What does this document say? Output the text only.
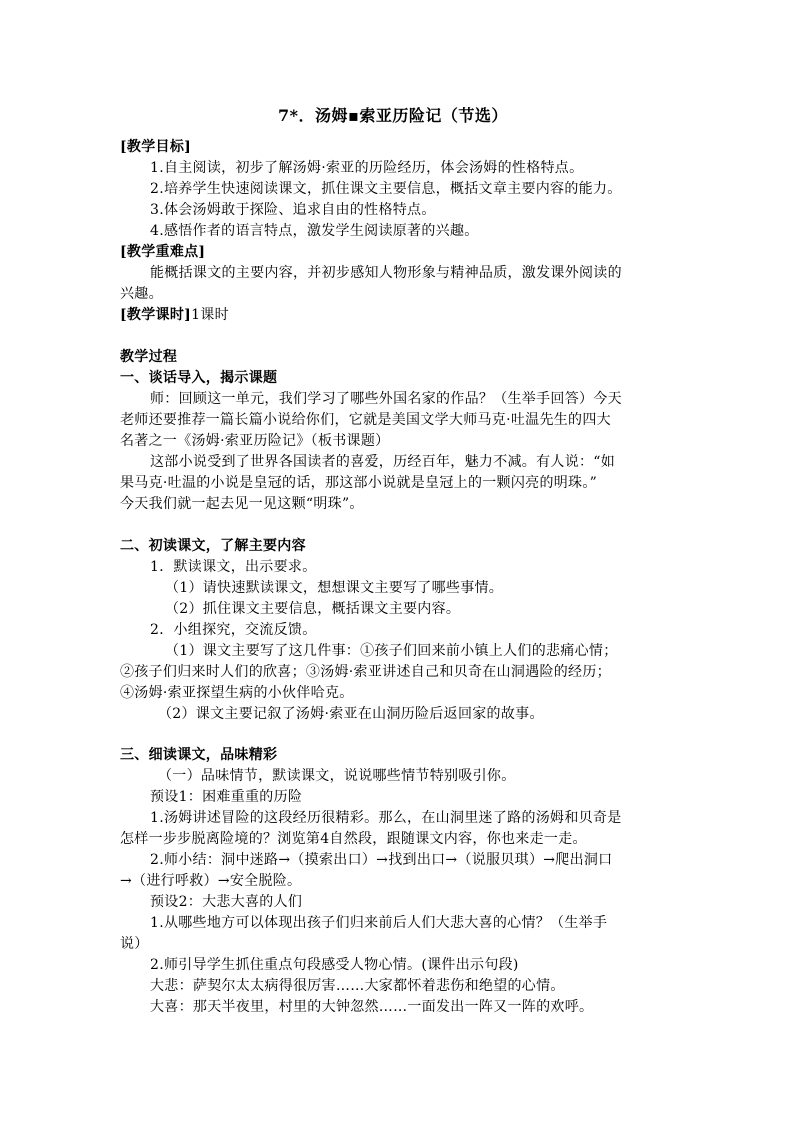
7*．汤姆▪索亚历险记（节选）
[教学目标]
1.自主阅读，初步了解汤姆·索亚的历险经历，体会汤姆的性格特点。
2.培养学生快速阅读课文，抓住课文主要信息，概括文章主要内容的能力。
3.体会汤姆敢于探险、追求自由的性格特点。
4.感悟作者的语言特点，激发学生阅读原著的兴趣。
[教学重难点]
能概括课文的主要内容，并初步感知人物形象与精神品质，激发课外阅读的
兴趣。
[教学课时]1课时
教学过程
一、谈话导入，揭示课题
师：回顾这一单元，我们学习了哪些外国名家的作品？（生举手回答）今天
老师还要推荐一篇长篇小说给你们，它就是美国文学大师马克·吐温先生的四大
名著之一《汤姆·索亚历险记》（板书课题）
这部小说受到了世界各国读者的喜爱，历经百年，魅力不减。有人说：“如
果马克·吐温的小说是皇冠的话，那这部小说就是皇冠上的一颗闪亮的明珠。”
今天我们就一起去见一见这颗“明珠”。
二、初读课文，了解主要内容
1．默读课文，出示要求。
（1）请快速默读课文，想想课文主要写了哪些事情。
（2）抓住课文主要信息，概括课文主要内容。
2．小组探究，交流反馈。
（1）课文主要写了这几件事：①孩子们回来前小镇上人们的悲痛心情；
②孩子们归来时人们的欣喜；③汤姆·索亚讲述自己和贝奇在山洞遇险的经历；
④汤姆·索亚探望生病的小伙伴哈克。
（2）课文主要记叙了汤姆·索亚在山洞历险后返回家的故事。
三、细读课文，品味精彩
（一）品味情节，默读课文，说说哪些情节特别吸引你。
预设1：困难重重的历险
1.汤姆讲述冒险的这段经历很精彩。那么，在山洞里迷了路的汤姆和贝奇是
怎样一步步脱离险境的？浏览第4自然段，跟随课文内容，你也来走一走。
2.师小结：洞中迷路→（摸索出口）→找到出口→（说服贝琪）→爬出洞口
→（进行呼救）→安全脱险。
预设2：大悲大喜的人们
1.从哪些地方可以体现出孩子们归来前后人们大悲大喜的心情？（生举手
说）
2.师引导学生抓住重点句段感受人物心情。(课件出示句段)
大悲：萨契尔太太病得很厉害……大家都怀着悲伤和绝望的心情。
大喜：那天半夜里，村里的大钟忽然……一面发出一阵又一阵的欢呼。
